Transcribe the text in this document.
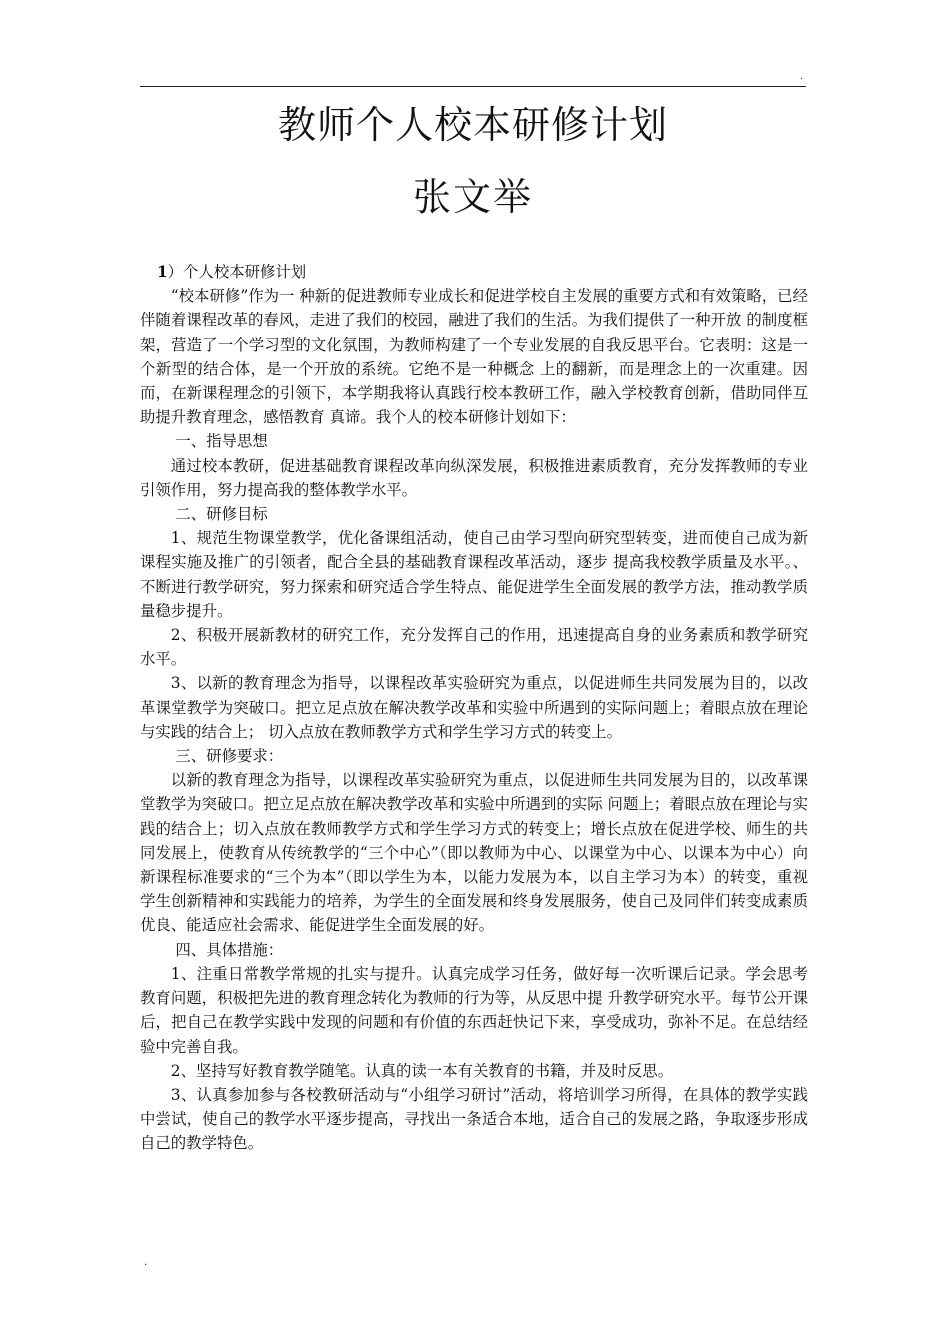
.
教师个人校本研修计划
张文举

1）个人校本研修计划

“校本研修”作为一 种新的促进教师专业成长和促进学校自主发展的重要方式和有效策略，已经伴随着课程改革的春风，走进了我们的校园，融进了我们的生活。为我们提供了一种开放 的制度框架，营造了一个学习型的文化氛围，为教师构建了一个专业发展的自我反思平台。它表明：这是一个新型的结合体，是一个开放的系统。它绝不是一种概念 上的翻新，而是理念上的一次重建。因而，在新课程理念的引领下，本学期我将认真践行校本教研工作，融入学校教育创新，借助同伴互助提升教育理念，感悟教育 真谛。我个人的校本研修计划如下：

一、指导思想

通过校本教研，促进基础教育课程改革向纵深发展，积极推进素质教育，充分发挥教师的专业引领作用，努力提高我的整体教学水平。

二、研修目标

1、规范生物课堂教学，优化备课组活动，使自己由学习型向研究型转变，进而使自己成为新课程实施及推广的引领者，配合全县的基础教育课程改革活动，逐步 提高我校教学质量及水平。、不断进行教学研究，努力探索和研究适合学生特点、能促进学生全面发展的教学方法，推动教学质量稳步提升。

2、积极开展新教材的研究工作，充分发挥自己的作用，迅速提高自身的业务素质和教学研究水平。

3、以新的教育理念为指导，以课程改革实验研究为重点，以促进师生共同发展为目的，以改革课堂教学为突破口。把立足点放在解决教学改革和实验中所遇到的实际问题上；着眼点放在理论与实践的结合上； 切入点放在教师教学方式和学生学习方式的转变上。

三、研修要求：

以新的教育理念为指导，以课程改革实验研究为重点，以促进师生共同发展为目的，以改革课堂教学为突破口。把立足点放在解决教学改革和实验中所遇到的实际 问题上；着眼点放在理论与实践的结合上；切入点放在教师教学方式和学生学习方式的转变上；增长点放在促进学校、师生的共同发展上，使教育从传统教学的“三个中心”（即以教师为中心、以课堂为中心、以课本为中心）向新课程标准要求的“三个为本”（即以学生为本，以能力发展为本，以自主学习为本）的转变，重视 学生创新精神和实践能力的培养，为学生的全面发展和终身发展服务，使自己及同伴们转变成素质优良、能适应社会需求、能促进学生全面发展的好。

四、具体措施：

1、注重日常教学常规的扎实与提升。认真完成学习任务，做好每一次听课后记录。学会思考教育问题，积极把先进的教育理念转化为教师的行为等，从反思中提 升教学研究水平。每节公开课后，把自己在教学实践中发现的问题和有价值的东西赶快记下来，享受成功，弥补不足。在总结经验中完善自我。

2、坚持写好教育教学随笔。认真的读一本有关教育的书籍，并及时反思。

3、认真参加参与各校教研活动与“小组学习研讨”活动，将培训学习所得，在具体的教学实践中尝试，使自己的教学水平逐步提高，寻找出一条适合本地，适合自己的发展之路，争取逐步形成自己的教学特色。

.
